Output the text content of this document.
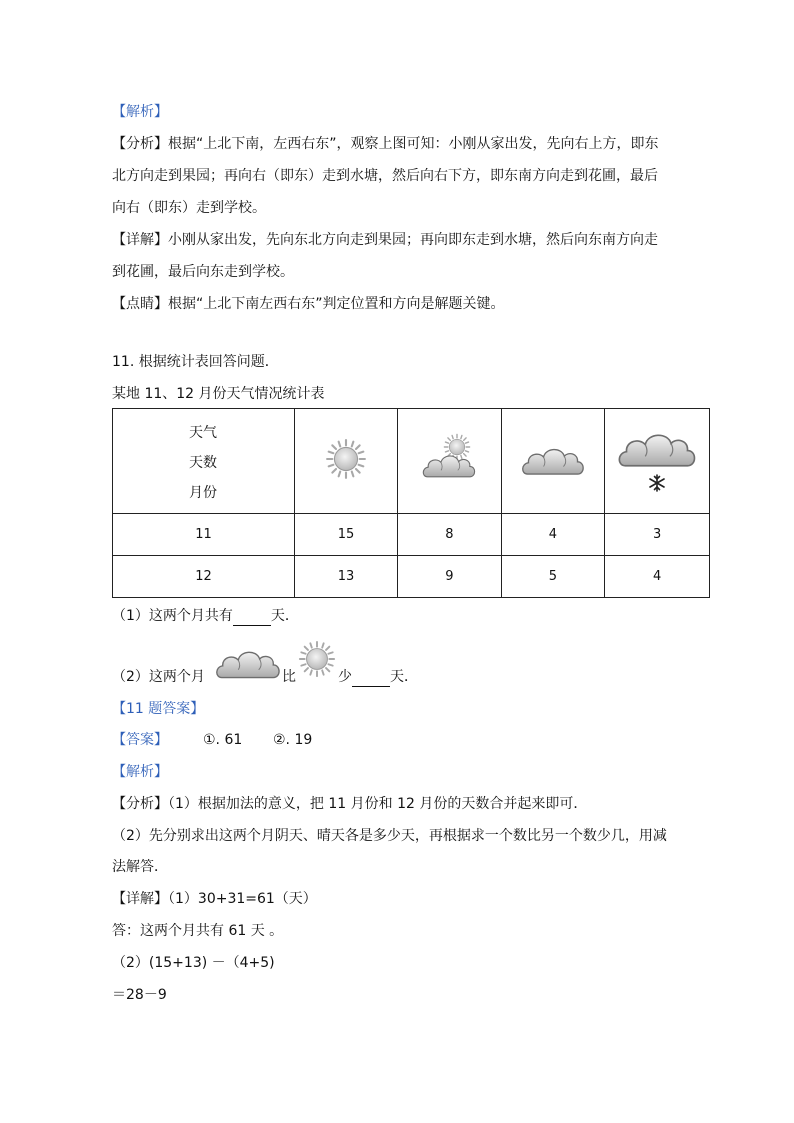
【解析】
【分析】根据“上北下南，左西右东”，观察上图可知：小刚从家出发，先向右上方，即东
北方向走到果园；再向右（即东）走到水塘，然后向右下方，即东南方向走到花圃，最后
向右（即东）走到学校。
【详解】小刚从家出发，先向东北方向走到果园；再向即东走到水塘，然后向东南方向走
到花圃，最后向东走到学校。
【点睛】根据“上北下南左西右东”判定位置和方向是解题关键。
11. 根据统计表回答问题．
某地 11、12 月份天气情况统计表
天气
天数
月份

11	15	8	4	3
12	13	9	5	4
（1）这两个月共有	天．
（2）这两个月	比	少	天．
【11 题答案】
【答案】	①. 61 ②. 19
【解析】
【分析】（1）根据加法的意义，把 11 月份和 12 月份的天数合并起来即可．
（2）先分别求出这两个月阴天、晴天各是多少天，再根据求一个数比另一个数少几，用减
法解答．
【详解】（1）30+31=61（天）
答：这两个月共有 61 天 。
（2）(15+13) －（4+5)
＝28－9
